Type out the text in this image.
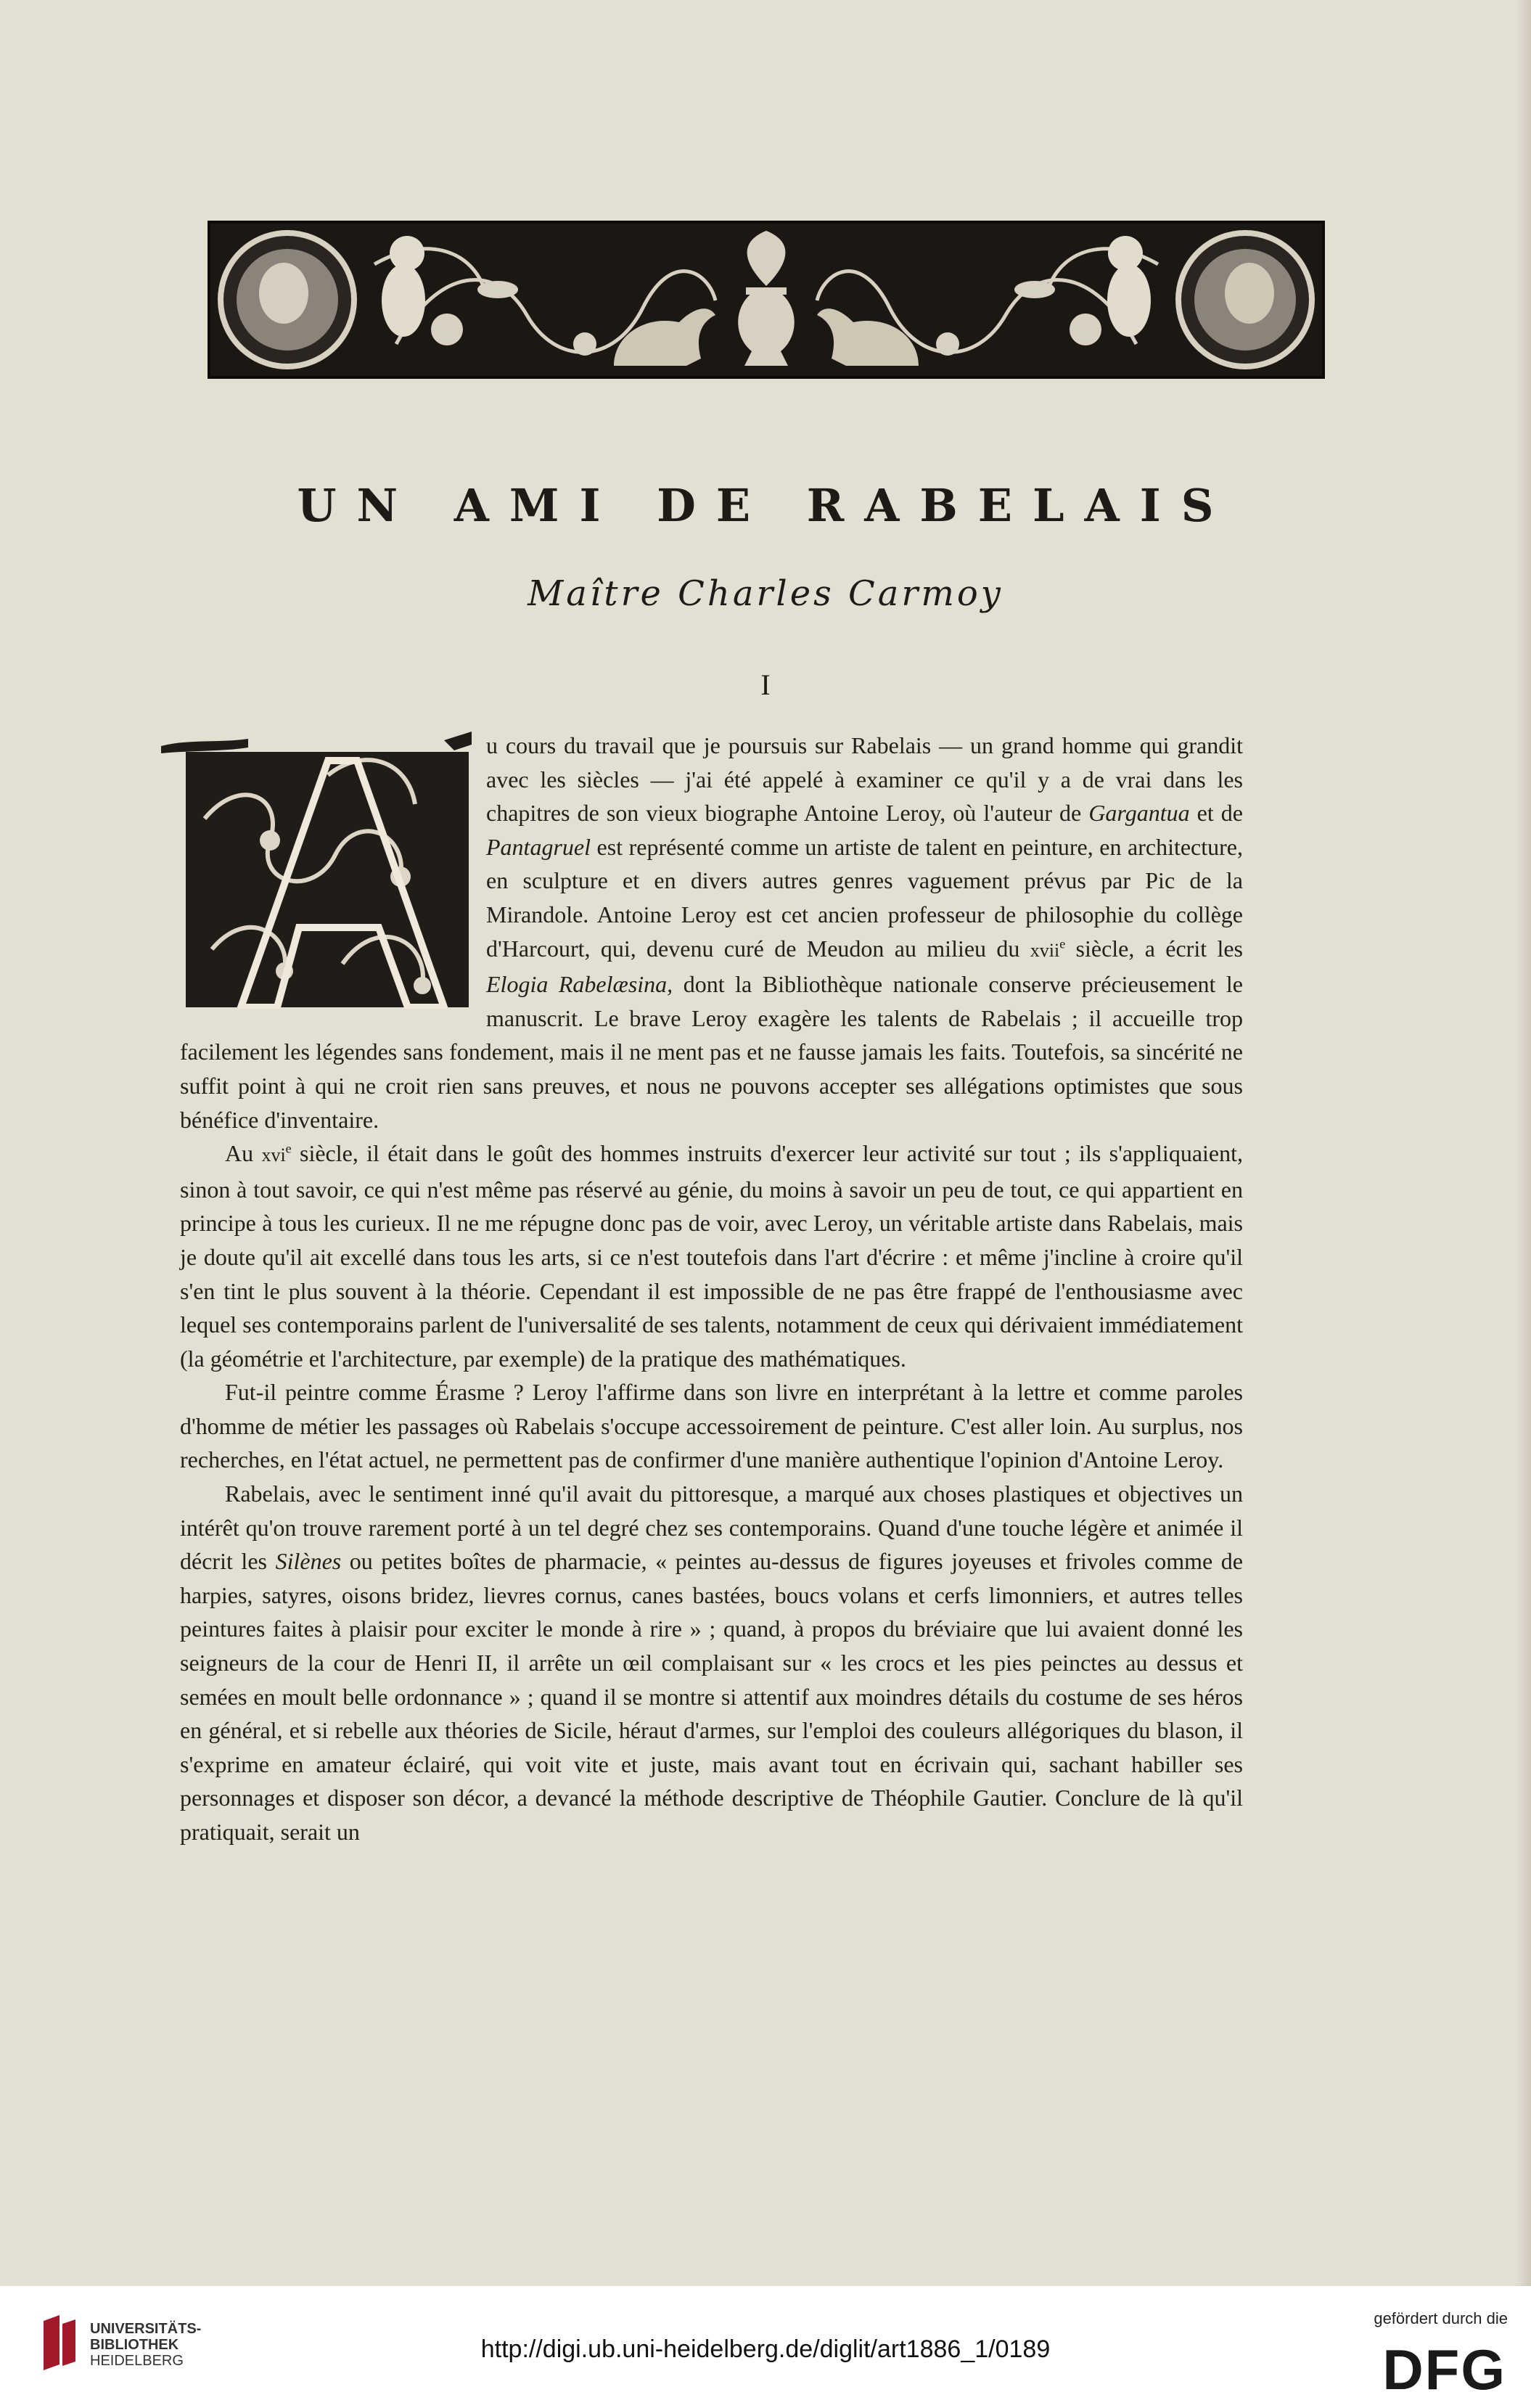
UN AMI DE RABELAIS
Maître Charles Carmoy
I

u cours du travail que je poursuis sur Rabelais — un grand homme qui grandit avec les siècles — j'ai été appelé à examiner ce qu'il y a de vrai dans les chapitres de son vieux biographe Antoine Leroy, où l'auteur de Gargantua et de Pantagruel est représenté comme un artiste de talent en peinture, en architecture, en sculpture et en divers autres genres vaguement prévus par Pic de la Mirandole. Antoine Leroy est cet ancien professeur de philosophie du collège d'Harcourt, qui, devenu curé de Meudon au milieu du xvii$^e$ siècle, a écrit les Elogia Rabelæsina, dont la Bibliothèque nationale conserve précieusement le manuscrit. Le brave Leroy exagère les talents de Rabelais ; il accueille trop facilement les légendes sans fondement, mais il ne ment pas et ne fausse jamais les faits. Toutefois, sa sincérité ne suffit point à qui ne croit rien sans preuves, et nous ne pouvons accepter ses allégations optimistes que sous bénéfice d'inventaire.

Au xvi$^e$ siècle, il était dans le goût des hommes instruits d'exercer leur activité sur tout ; ils s'appliquaient, sinon à tout savoir, ce qui n'est même pas réservé au génie, du moins à savoir un peu de tout, ce qui appartient en principe à tous les curieux. Il ne me répugne donc pas de voir, avec Leroy, un véritable artiste dans Rabelais, mais je doute qu'il ait excellé dans tous les arts, si ce n'est toutefois dans l'art d'écrire : et même j'incline à croire qu'il s'en tint le plus souvent à la théorie. Cependant il est impossible de ne pas être frappé de l'enthousiasme avec lequel ses contemporains parlent de l'universalité de ses talents, notamment de ceux qui dérivaient immédiatement (la géométrie et l'architecture, par exemple) de la pratique des mathématiques.

Fut-il peintre comme Érasme ? Leroy l'affirme dans son livre en interprétant à la lettre et comme paroles d'homme de métier les passages où Rabelais s'occupe accessoirement de peinture. C'est aller loin. Au surplus, nos recherches, en l'état actuel, ne permettent pas de confirmer d'une manière authentique l'opinion d'Antoine Leroy.

Rabelais, avec le sentiment inné qu'il avait du pittoresque, a marqué aux choses plastiques et objectives un intérêt qu'on trouve rarement porté à un tel degré chez ses contemporains. Quand d'une touche légère et animée il décrit les Silènes ou petites boîtes de pharmacie, « peintes au-dessus de figures joyeuses et frivoles comme de harpies, satyres, oisons bridez, lievres cornus, canes bastées, boucs volans et cerfs limonniers, et autres telles peintures faites à plaisir pour exciter le monde à rire » ; quand, à propos du bréviaire que lui avaient donné les seigneurs de la cour de Henri II, il arrête un œil complaisant sur « les crocs et les pies peinctes au dessus et semées en moult belle ordonnance » ; quand il se montre si attentif aux moindres détails du costume de ses héros en général, et si rebelle aux théories de Sicile, héraut d'armes, sur l'emploi des couleurs allégoriques du blason, il s'exprime en amateur éclairé, qui voit vite et juste, mais avant tout en écrivain qui, sachant habiller ses personnages et disposer son décor, a devancé la méthode descriptive de Théophile Gautier. Conclure de là qu'il pratiquait, serait un

UNIVERSITÄTS-
BIBLIOTHEK
HEIDELBERG	http://digi.ub.uni-heidelberg.de/diglit/art1886_1/0189
gefördert durch die
DFG
